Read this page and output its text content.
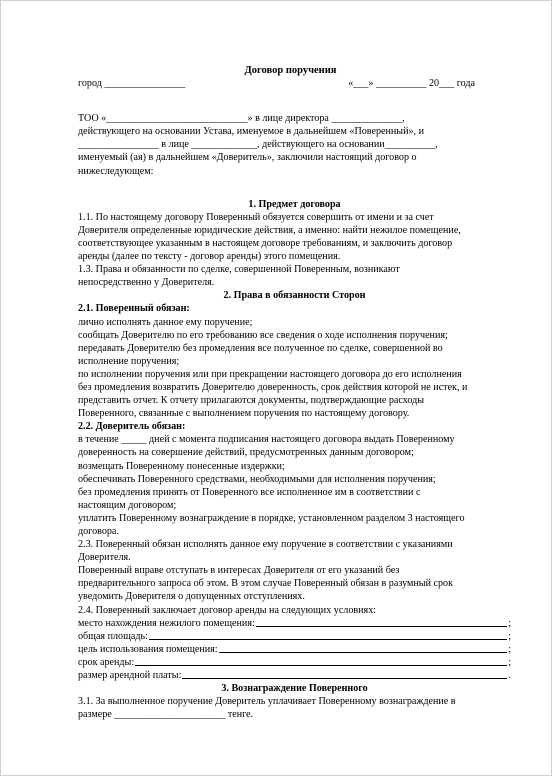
Договор поручения
город ________________	«___» __________ 20___ года
ТОО «____________________________» в лице директора ______________,
действующего на основании Устава, именуемое в дальнейшем «Поверенный», и
________________ в лице _____________, действующего на основании__________,
именуемый (ая) в дальнейшем «Доверитель», заключили настоящий договор о
нижеследующем:
1. Предмет договора
1.1. По настоящему договору Поверенный обязуется совершить от имени и за счет
Доверителя определенные юридические действия, а именно: найти нежилое помещение,
соответствующее указанным в настоящем договоре требованиям, и заключить договор
аренды (далее по тексту - договор аренды) этого помещения.
1.3. Права и обязанности по сделке, совершенной Поверенным, возникают
непосредственно у Доверителя.
2. Права в обязанности Сторон
2.1. Поверенный обязан:
лично исполнять данное ему поручение;
сообщать Доверителю по его требованию все сведения о ходе исполнения поручения;
передавать Доверителю без промедления все полученное по сделке, совершенной во
исполнение поручения;
по исполнении поручения или при прекращении настоящего договора до его исполнения
без промедления возвратить Доверителю доверенность, срок действия которой не истек, и
представить отчет. К отчету прилагаются документы, подтверждающие расходы
Поверенного, связанные с выполнением поручения по настоящему договору.
2.2. Доверитель обязан:
в течение _____ дней с момента подписания настоящего договора выдать Поверенному
доверенность на совершение действий, предусмотренных данным договором;
возмещать Поверенному понесенные издержки;
обеспечивать Поверенного средствами, необходимыми для исполнения поручения;
без промедления принять от Поверенного все исполненное им в соответствии с
настоящим договором;
уплатить Поверенному вознаграждение в порядке, установленном разделом 3 настоящего
договора.
2.3. Поверенный обязан исполнять данное ему поручение в соответствии с указаниями
Доверителя.
Поверенный вправе отступать в интересах Доверителя от его указаний без
предварительного запроса об этом. В этом случае Поверенный обязан в разумный срок
уведомить Доверителя о допущенных отступлениях.
2.4. Поверенный заключает договор аренды на следующих условиях:
место нахождения нежилого помещения:	;
общая площадь:	;
цель использования помещения:	;
срок аренды:	;
размер арендной платы:	.
3. Вознаграждение Поверенного
3.1. За выполненное поручение Доверитель уплачивает Поверенному вознаграждение в
размере ______________________ тенге.
